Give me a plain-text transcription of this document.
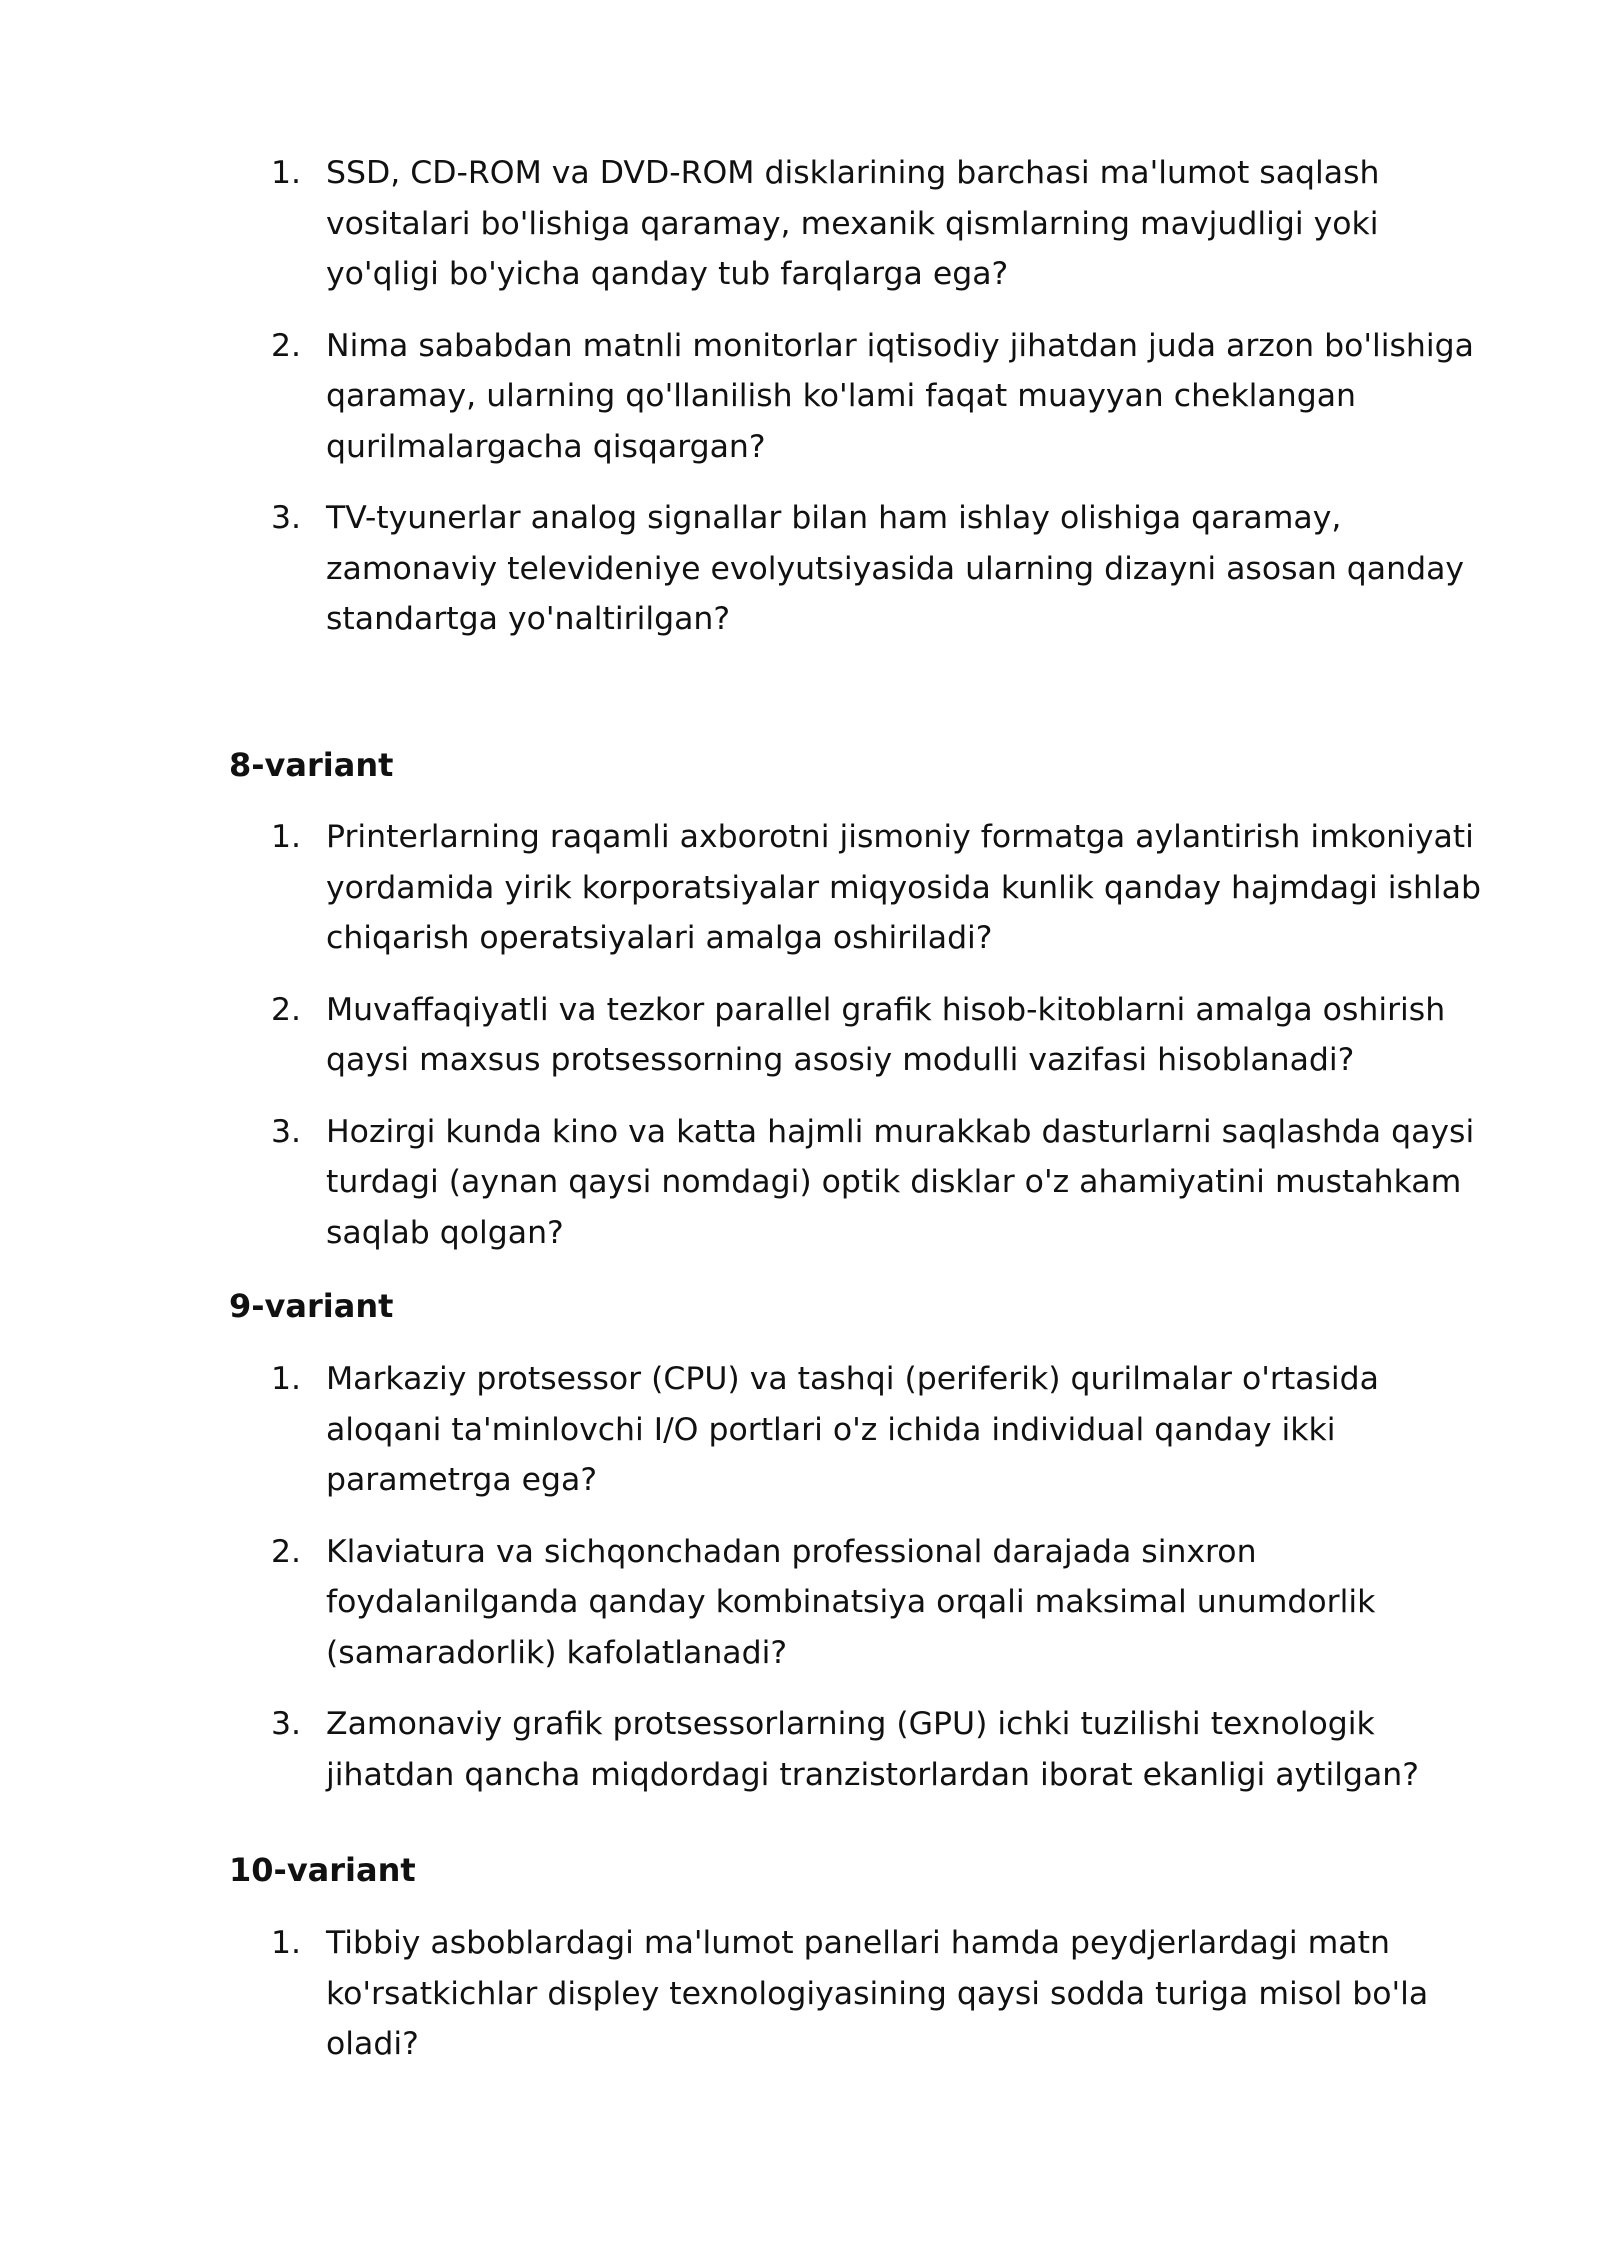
1. SSD, CD-ROM va DVD-ROM disklarining barchasi ma'lumot saqlash vositalari bo'lishiga qaramay, mexanik qismlarning mavjudligi yoki yo'qligi bo'yicha qanday tub farqlarga ega?
2. Nima sababdan matnli monitorlar iqtisodiy jihatdan juda arzon bo'lishiga qaramay, ularning qo'llanilish ko'lami faqat muayyan cheklangan qurilmalargacha qisqargan?
3. TV-tyunerlar analog signallar bilan ham ishlay olishiga qaramay, zamonaviy televideniye evolyutsiyasida ularning dizayni asosan qanday standartga yo'naltirilgan?
8-variant
1. Printerlarning raqamli axborotni jismoniy formatga aylantirish imkoniyati yordamida yirik korporatsiyalar miqyosida kunlik qanday hajmdagi ishlab chiqarish operatsiyalari amalga oshiriladi?
2. Muvaffaqiyatli va tezkor parallel grafik hisob-kitoblarni amalga oshirish qaysi maxsus protsessorning asosiy modulli vazifasi hisoblanadi?
3. Hozirgi kunda kino va katta hajmli murakkab dasturlarni saqlashda qaysi turdagi (aynan qaysi nomdagi) optik disklar o'z ahamiyatini mustahkam saqlab qolgan?
9-variant
1. Markaziy protsessor (CPU) va tashqi (periferik) qurilmalar o'rtasida aloqani ta'minlovchi I/O portlari o'z ichida individual qanday ikki parametrga ega?
2. Klaviatura va sichqonchadan professional darajada sinxron foydalanilganda qanday kombinatsiya orqali maksimal unumdorlik (samaradorlik) kafolatlanadi?
3. Zamonaviy grafik protsessorlarning (GPU) ichki tuzilishi texnologik jihatdan qancha miqdordagi tranzistorlardan iborat ekanligi aytilgan?
10-variant
1. Tibbiy asboblardagi ma'lumot panellari hamda peydjerlardagi matn ko'rsatkichlar displey texnologiyasining qaysi sodda turiga misol bo'la oladi?
